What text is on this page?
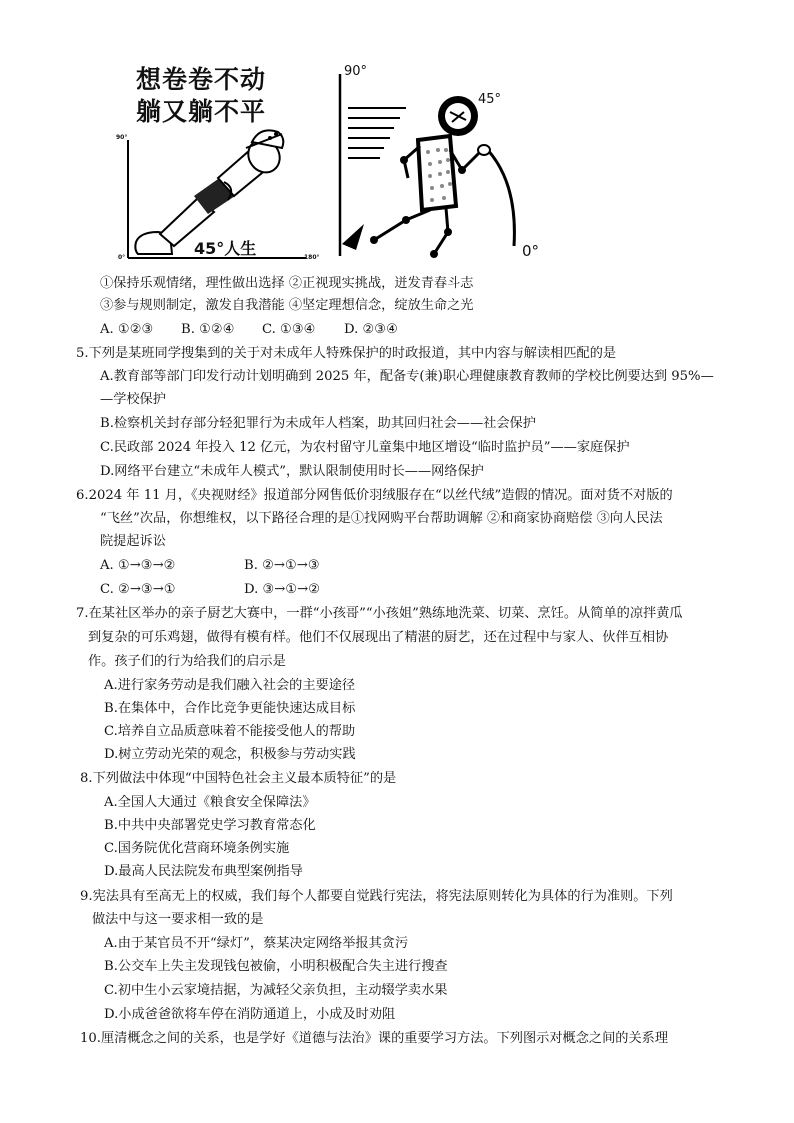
想卷卷不动
躺又躺不平
90°
0°	180°
45°人生
90°
45°
0°
①保持乐观情绪，理性做出选择 ②正视现实挑战，迸发青春斗志
③参与规则制定，激发自我潜能 ④坚定理想信念，绽放生命之光
A. ①②③ B. ①②④ C. ①③④ D. ②③④
5.下列是某班同学搜集到的关于对未成年人特殊保护的时政报道，其中内容与解读相匹配的是
A.教育部等部门印发行动计划明确到 2025 年，配备专(兼)职心理健康教育教师的学校比例要达到 95%—
—学校保护
B.检察机关封存部分轻犯罪行为未成年人档案，助其回归社会——社会保护
C.民政部 2024 年投入 12 亿元，为农村留守儿童集中地区增设“临时监护员”——家庭保护
D.网络平台建立“未成年人模式”，默认限制使用时长——网络保护
6.2024 年 11 月，《央视财经》报道部分网售低价羽绒服存在“以丝代绒”造假的情况。面对货不对版的
“飞丝”次品，你想维权，以下路径合理的是①找网购平台帮助调解 ②和商家协商赔偿 ③向人民法
院提起诉讼
A. ①→③→②	B. ②→①→③
C. ②→③→①	D. ③→①→②
7.在某社区举办的亲子厨艺大赛中，一群“小孩哥”“小孩姐”熟练地洗菜、切菜、烹饪。从简单的凉拌黄瓜
到复杂的可乐鸡翅，做得有模有样。他们不仅展现出了精湛的厨艺，还在过程中与家人、伙伴互相协
作。孩子们的行为给我们的启示是
A.进行家务劳动是我们融入社会的主要途径
B.在集体中，合作比竞争更能快速达成目标
C.培养自立品质意味着不能接受他人的帮助
D.树立劳动光荣的观念，积极参与劳动实践
8.下列做法中体现“中国特色社会主义最本质特征”的是
A.全国人大通过《粮食安全保障法》
B.中共中央部署党史学习教育常态化
C.国务院优化营商环境条例实施
D.最高人民法院发布典型案例指导
9.宪法具有至高无上的权威，我们每个人都要自觉践行宪法，将宪法原则转化为具体的行为准则。下列
做法中与这一要求相一致的是
A.由于某官员不开“绿灯”，蔡某决定网络举报其贪污
B.公交车上失主发现钱包被偷，小明积极配合失主进行搜查
C.初中生小云家境拮据，为减轻父亲负担，主动辍学卖水果
D.小成爸爸欲将车停在消防通道上，小成及时劝阻
10.厘清概念之间的关系，也是学好《道德与法治》课的重要学习方法。下列图示对概念之间的关系理
